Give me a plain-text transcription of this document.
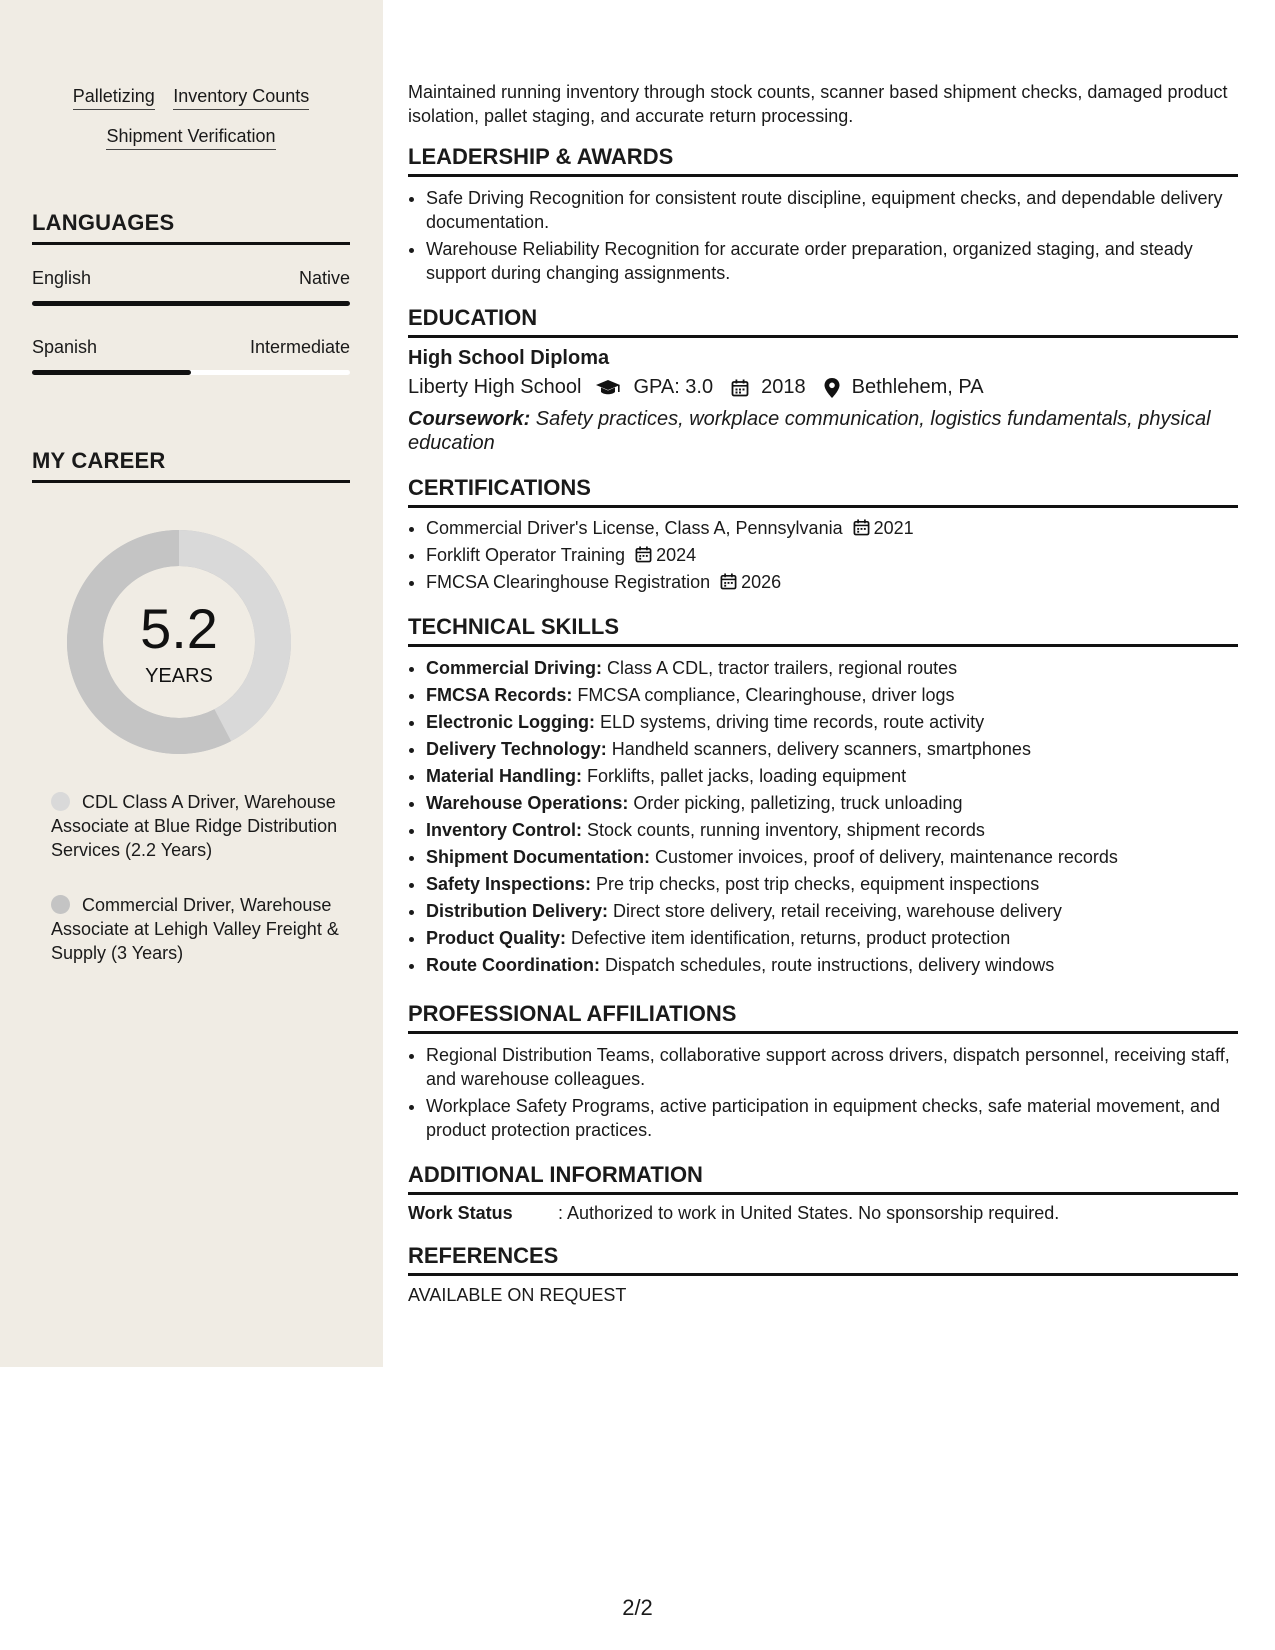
Palletizing Inventory Counts
Shipment Verification
LANGUAGES
English	Native
Spanish	Intermediate
MY CAREER
5.2
YEARS
CDL Class A Driver, Warehouse Associate at Blue Ridge Distribution Services (2.2 Years)
Commercial Driver, Warehouse Associate at Lehigh Valley Freight & Supply (3 Years)
Maintained running inventory through stock counts, scanner based shipment checks, damaged product isolation, pallet staging, and accurate return processing.
LEADERSHIP & AWARDS
• Safe Driving Recognition for consistent route discipline, equipment checks, and dependable delivery documentation.
• Warehouse Reliability Recognition for accurate order preparation, organized staging, and steady support during changing assignments.
EDUCATION
High School Diploma
Liberty High School	GPA: 3.0 2018 Bethlehem, PA
Coursework: Safety practices, workplace communication, logistics fundamentals, physical education
CERTIFICATIONS
• Commercial Driver's License, Class A, Pennsylvania 2021
• Forklift Operator Training 2024
• FMCSA Clearinghouse Registration 2026
TECHNICAL SKILLS
• Commercial Driving: Class A CDL, tractor trailers, regional routes
• FMCSA Records: FMCSA compliance, Clearinghouse, driver logs
• Electronic Logging: ELD systems, driving time records, route activity
• Delivery Technology: Handheld scanners, delivery scanners, smartphones
• Material Handling: Forklifts, pallet jacks, loading equipment
• Warehouse Operations: Order picking, palletizing, truck unloading
• Inventory Control: Stock counts, running inventory, shipment records
• Shipment Documentation: Customer invoices, proof of delivery, maintenance records
• Safety Inspections: Pre trip checks, post trip checks, equipment inspections
• Distribution Delivery: Direct store delivery, retail receiving, warehouse delivery
• Product Quality: Defective item identification, returns, product protection
• Route Coordination: Dispatch schedules, route instructions, delivery windows
PROFESSIONAL AFFILIATIONS
• Regional Distribution Teams, collaborative support across drivers, dispatch personnel, receiving staff, and warehouse colleagues.
• Workplace Safety Programs, active participation in equipment checks, safe material movement, and product protection practices.
ADDITIONAL INFORMATION
Work Status	: Authorized to work in United States. No sponsorship required.
REFERENCES
AVAILABLE ON REQUEST
2/2
